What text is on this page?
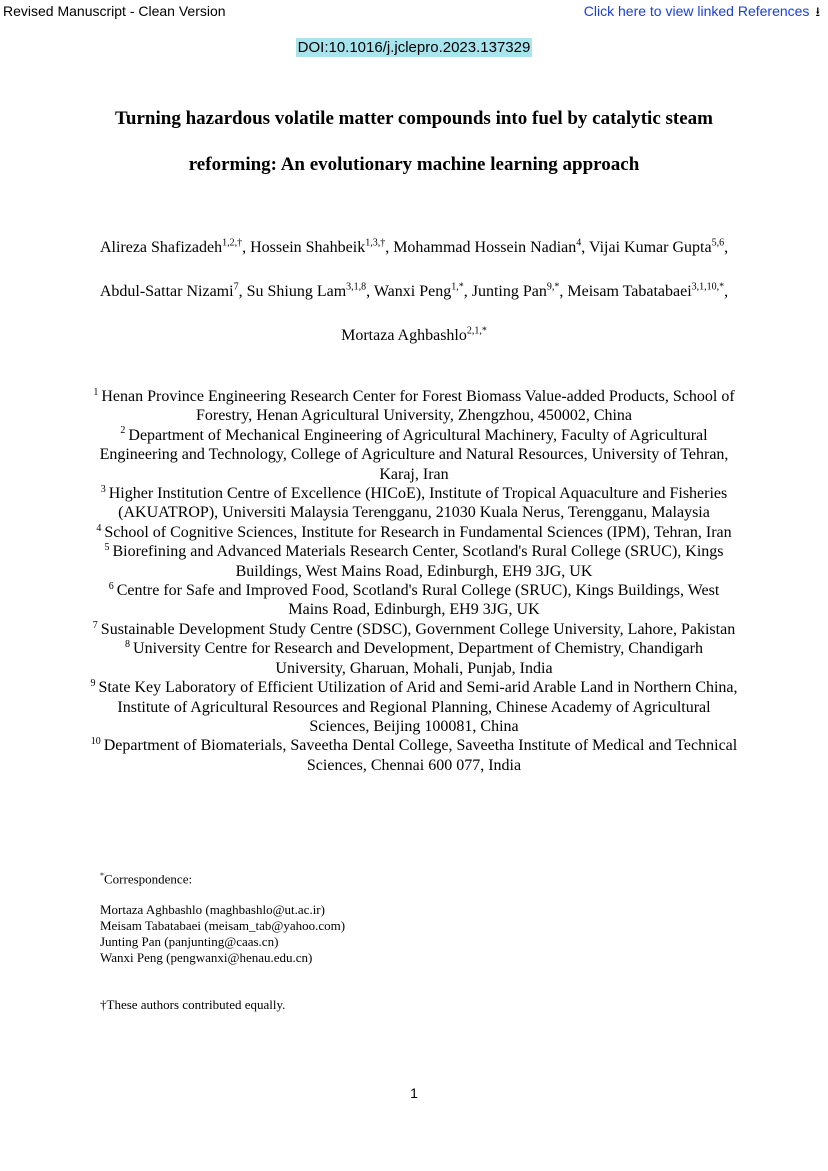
Revised Manuscript - Clean Version	Click here to view linked References ⭳
DOI:10.1016/j.jclepro.2023.137329
Turning hazardous volatile matter compounds into fuel by catalytic steam
reforming: An evolutionary machine learning approach
Alireza Shafizadeh$^{1,2,\dagger}$, Hossein Shahbeik$^{1,3,\dagger}$, Mohammad Hossein Nadian$^4$, Vijai Kumar Gupta$^{5,6}$, Abdul-Sattar Nizami$^7$, Su Shiung Lam$^{3,1,8}$, Wanxi Peng$^{1,*}$, Junting Pan$^{9,*}$, Meisam Tabatabaei$^{3,1,10,*}$, Mortaza Aghbashlo$^{2,1,*}$
$^1$ Henan Province Engineering Research Center for Forest Biomass Value-added Products, School of Forestry, Henan Agricultural University, Zhengzhou, 450002, China
$^2$ Department of Mechanical Engineering of Agricultural Machinery, Faculty of Agricultural Engineering and Technology, College of Agriculture and Natural Resources, University of Tehran, Karaj, Iran
$^3$ Higher Institution Centre of Excellence (HICoE), Institute of Tropical Aquaculture and Fisheries (AKUATROP), Universiti Malaysia Terengganu, 21030 Kuala Nerus, Terengganu, Malaysia
$^4$ School of Cognitive Sciences, Institute for Research in Fundamental Sciences (IPM), Tehran, Iran
$^5$ Biorefining and Advanced Materials Research Center, Scotland's Rural College (SRUC), Kings Buildings, West Mains Road, Edinburgh, EH9 3JG, UK
$^6$ Centre for Safe and Improved Food, Scotland's Rural College (SRUC), Kings Buildings, West Mains Road, Edinburgh, EH9 3JG, UK
$^7$ Sustainable Development Study Centre (SDSC), Government College University, Lahore, Pakistan
$^8$ University Centre for Research and Development, Department of Chemistry, Chandigarh University, Gharuan, Mohali, Punjab, India
$^9$ State Key Laboratory of Efficient Utilization of Arid and Semi-arid Arable Land in Northern China, Institute of Agricultural Resources and Regional Planning, Chinese Academy of Agricultural Sciences, Beijing 100081, China
$^{10}$ Department of Biomaterials, Saveetha Dental College, Saveetha Institute of Medical and Technical Sciences, Chennai 600 077, India
*Correspondence:
Mortaza Aghbashlo (maghbashlo@ut.ac.ir)
Meisam Tabatabaei (meisam_tab@yahoo.com)
Junting Pan (panjunting@caas.cn)
Wanxi Peng (pengwanxi@henau.edu.cn)
†These authors contributed equally.
1
